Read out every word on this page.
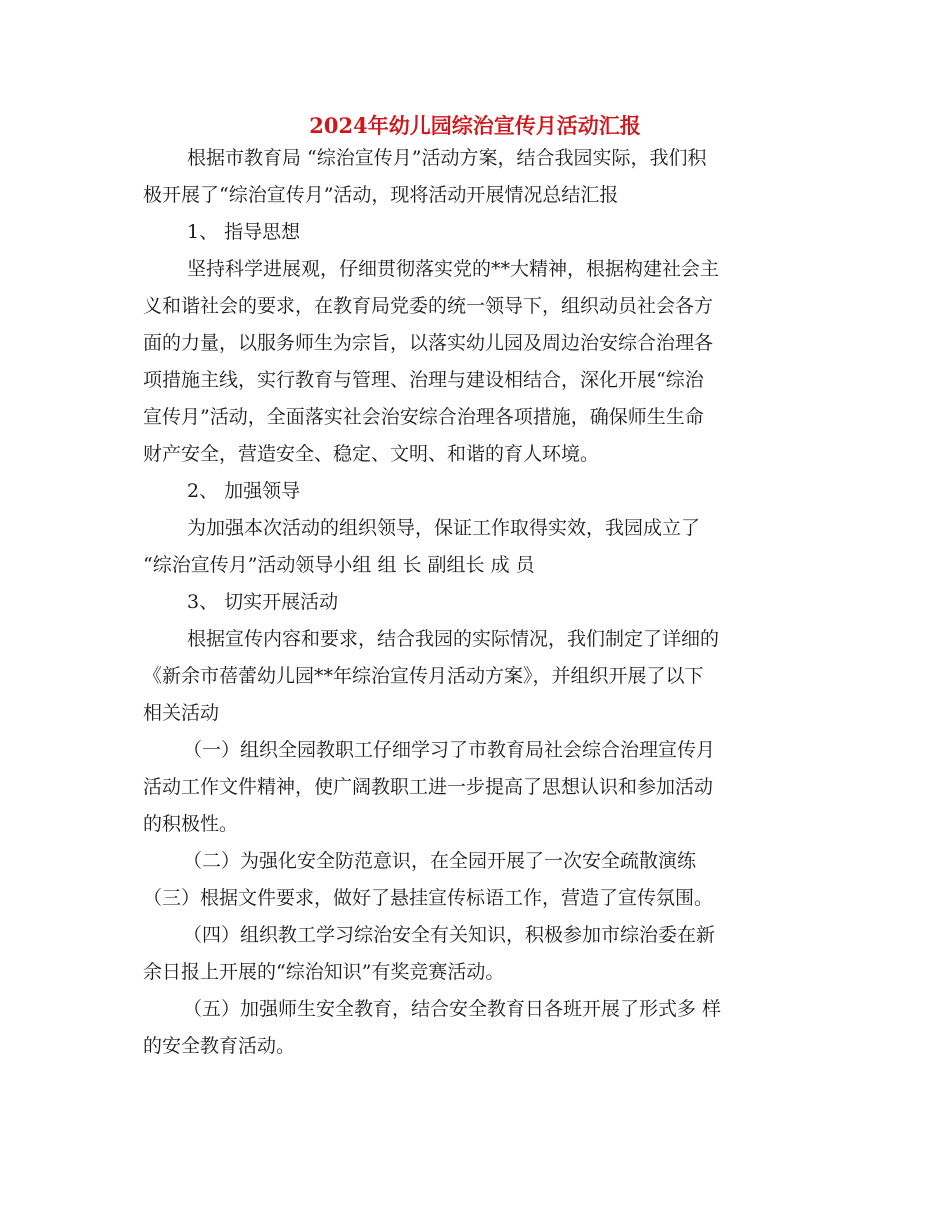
2024年幼儿园综治宣传月活动汇报
根据市教育局 “综治宣传月”活动方案，结合我园实际，我们积
极开展了“综治宣传月”活动，现将活动开展情况总结汇报
1、 指导思想
坚持科学进展观，仔细贯彻落实党的**大精神，根据构建社会主
义和谐社会的要求，在教育局党委的统一领导下，组织动员社会各方
面的力量，以服务师生为宗旨，以落实幼儿园及周边治安综合治理各
项措施主线，实行教育与管理、治理与建设相结合，深化开展“综治
宣传月”活动，全面落实社会治安综合治理各项措施，确保师生生命
财产安全，营造安全、稳定、文明、和谐的育人环境。
2、 加强领导
为加强本次活动的组织领导，保证工作取得实效，我园成立了
“综治宣传月”活动领导小组 组 长 副组长 成 员
3、 切实开展活动
根据宣传内容和要求，结合我园的实际情况，我们制定了详细的
《新余市蓓蕾幼儿园**年综治宣传月活动方案》，并组织开展了以下
相关活动
（一）组织全园教职工仔细学习了市教育局社会综合治理宣传月
活动工作文件精神，使广阔教职工进一步提高了思想认识和参加活动
的积极性。
（二）为强化安全防范意识，在全园开展了一次安全疏散演练
（三）根据文件要求，做好了悬挂宣传标语工作，营造了宣传氛围。
（四）组织教工学习综治安全有关知识，积极参加市综治委在新
余日报上开展的“综治知识”有奖竞赛活动。
（五）加强师生安全教育，结合安全教育日各班开展了形式多 样
的安全教育活动。
